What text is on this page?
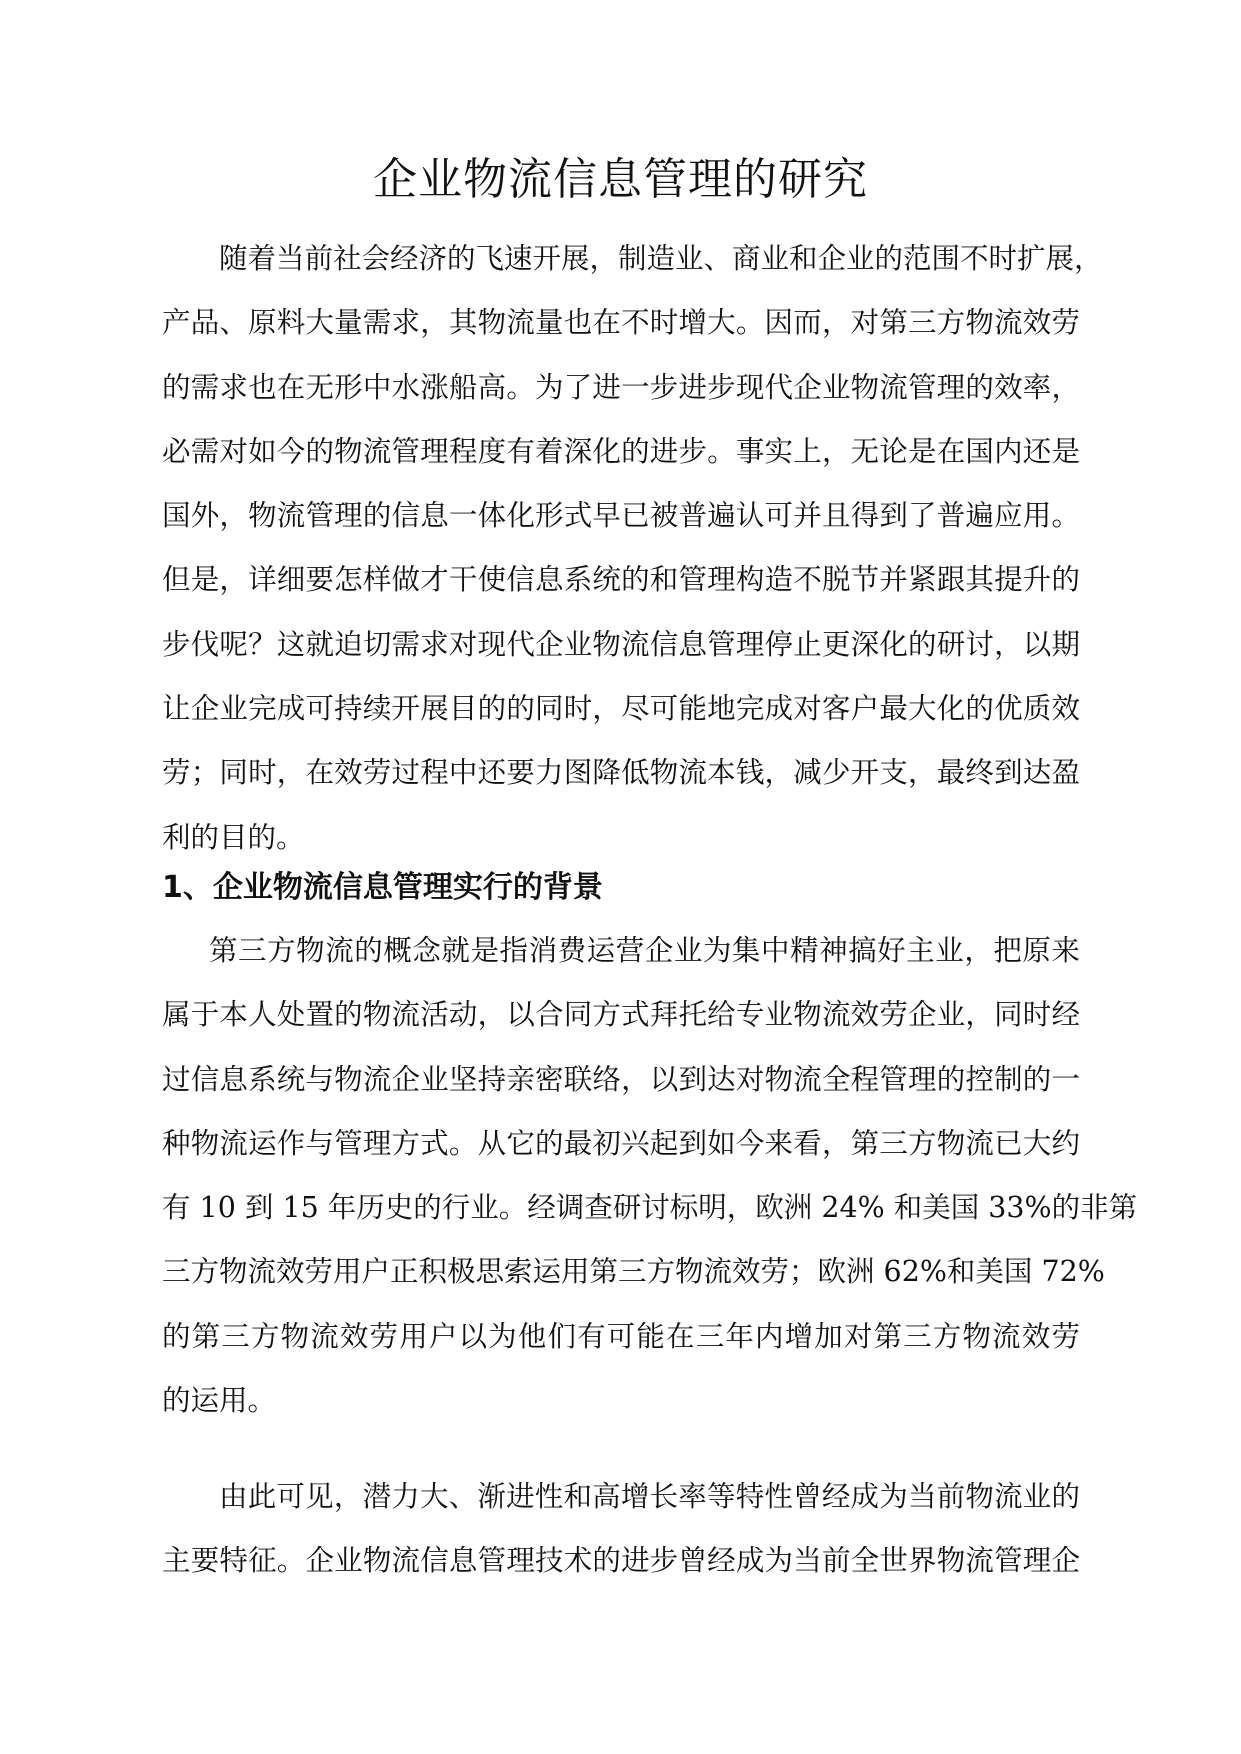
企业物流信息管理的研究
随着当前社会经济的飞速开展，制造业、商业和企业的范围不时扩展，
产品、原料大量需求，其物流量也在不时增大。因而，对第三方物流效劳
的需求也在无形中水涨船高。为了进一步进步现代企业物流管理的效率，
必需对如今的物流管理程度有着深化的进步。事实上，无论是在国内还是
国外，物流管理的信息一体化形式早已被普遍认可并且得到了普遍应用。
但是，详细要怎样做才干使信息系统的和管理构造不脱节并紧跟其提升的
步伐呢？这就迫切需求对现代企业物流信息管理停止更深化的研讨，以期
让企业完成可持续开展目的的同时，尽可能地完成对客户最大化的优质效
劳；同时，在效劳过程中还要力图降低物流本钱，减少开支，最终到达盈
利的目的。
1、企业物流信息管理实行的背景
第三方物流的概念就是指消费运营企业为集中精神搞好主业，把原来
属于本人处置的物流活动，以合同方式拜托给专业物流效劳企业，同时经
过信息系统与物流企业坚持亲密联络，以到达对物流全程管理的控制的一
种物流运作与管理方式。从它的最初兴起到如今来看，第三方物流已大约
有 10 到 15 年历史的行业。经调查研讨标明，欧洲 24% 和美国 33%的非第
三方物流效劳用户正积极思索运用第三方物流效劳；欧洲 62%和美国 72%
的第三方物流效劳用户以为他们有可能在三年内增加对第三方物流效劳
的运用。
由此可见，潜力大、渐进性和高增长率等特性曾经成为当前物流业的
主要特征。企业物流信息管理技术的进步曾经成为当前全世界物流管理企
